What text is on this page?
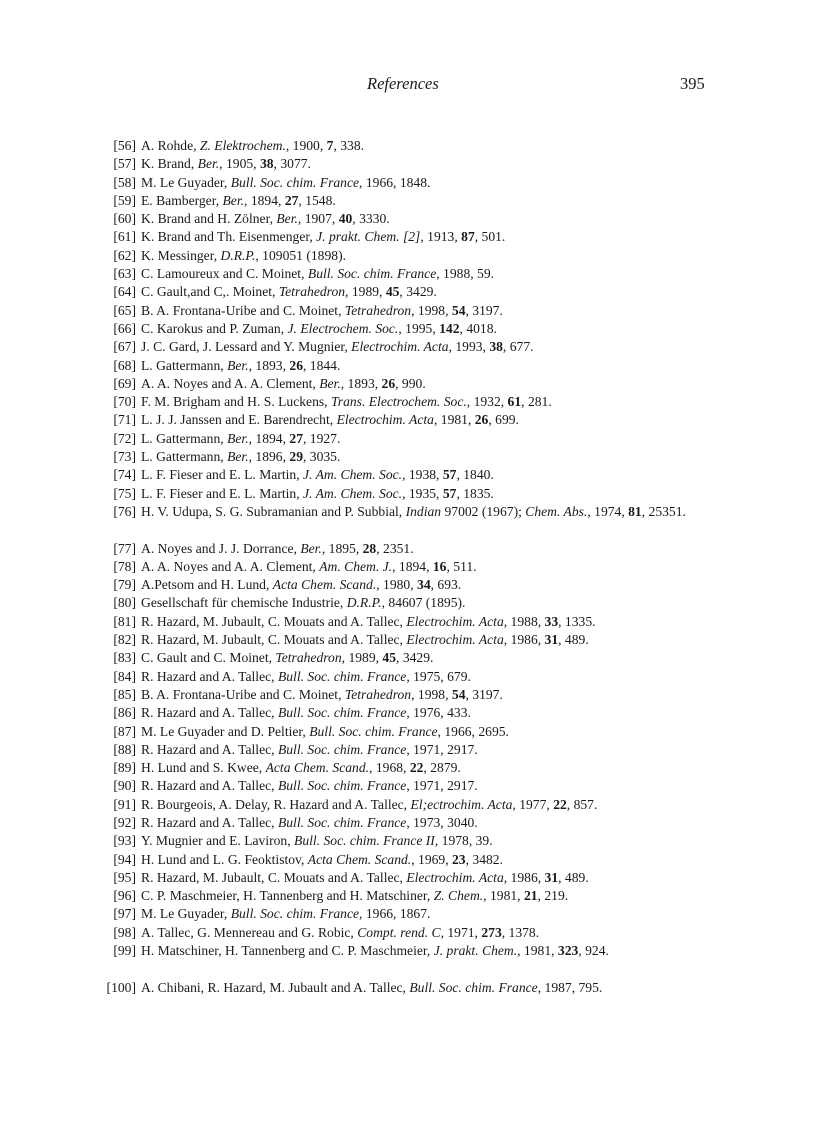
References	395
[56] A. Rohde, Z. Elektrochem., 1900, 7, 338.
[57] K. Brand, Ber., 1905, 38, 3077.
[58] M. Le Guyader, Bull. Soc. chim. France, 1966, 1848.
[59] E. Bamberger, Ber., 1894, 27, 1548.
[60] K. Brand and H. Zölner, Ber., 1907, 40, 3330.
[61] K. Brand and Th. Eisenmenger, J. prakt. Chem. [2], 1913, 87, 501.
[62] K. Messinger, D.R.P., 109051 (1898).
[63] C. Lamoureux and C. Moinet, Bull. Soc. chim. France, 1988, 59.
[64] C. Gault,and C,. Moinet, Tetrahedron, 1989, 45, 3429.
[65] B. A. Frontana-Uribe and C. Moinet, Tetrahedron, 1998, 54, 3197.
[66] C. Karokus and P. Zuman, J. Electrochem. Soc., 1995, 142, 4018.
[67] J. C. Gard, J. Lessard and Y. Mugnier, Electrochim. Acta, 1993, 38, 677.
[68] L. Gattermann, Ber., 1893, 26, 1844.
[69] A. A. Noyes and A. A. Clement, Ber., 1893, 26, 990.
[70] F. M. Brigham and H. S. Luckens, Trans. Electrochem. Soc., 1932, 61, 281.
[71] L. J. J. Janssen and E. Barendrecht, Electrochim. Acta, 1981, 26, 699.
[72] L. Gattermann, Ber., 1894, 27, 1927.
[73] L. Gattermann, Ber., 1896, 29, 3035.
[74] L. F. Fieser and E. L. Martin, J. Am. Chem. Soc., 1938, 57, 1840.
[75] L. F. Fieser and E. L. Martin, J. Am. Chem. Soc., 1935, 57, 1835.
[76] H. V. Udupa, S. G. Subramanian and P. Subbial, Indian 97002 (1967); Chem. Abs., 1974, 81, 25351.
[77] A. Noyes and J. J. Dorrance, Ber., 1895, 28, 2351.
[78] A. A. Noyes and A. A. Clement, Am. Chem. J., 1894, 16, 511.
[79] A.Petsom and H. Lund, Acta Chem. Scand., 1980, 34, 693.
[80] Gesellschaft für chemische Industrie, D.R.P., 84607 (1895).
[81] R. Hazard, M. Jubault, C. Mouats and A. Tallec, Electrochim. Acta, 1988, 33, 1335.
[82] R. Hazard, M. Jubault, C. Mouats and A. Tallec, Electrochim. Acta, 1986, 31, 489.
[83] C. Gault and C. Moinet, Tetrahedron, 1989, 45, 3429.
[84] R. Hazard and A. Tallec, Bull. Soc. chim. France, 1975, 679.
[85] B. A. Frontana-Uribe and C. Moinet, Tetrahedron, 1998, 54, 3197.
[86] R. Hazard and A. Tallec, Bull. Soc. chim. France, 1976, 433.
[87] M. Le Guyader and D. Peltier, Bull. Soc. chim. France, 1966, 2695.
[88] R. Hazard and A. Tallec, Bull. Soc. chim. France, 1971, 2917.
[89] H. Lund and S. Kwee, Acta Chem. Scand., 1968, 22, 2879.
[90] R. Hazard and A. Tallec, Bull. Soc. chim. France, 1971, 2917.
[91] R. Bourgeois, A. Delay, R. Hazard and A. Tallec, El;ectrochim. Acta, 1977, 22, 857.
[92] R. Hazard and A. Tallec, Bull. Soc. chim. France, 1973, 3040.
[93] Y. Mugnier and E. Laviron, Bull. Soc. chim. France II, 1978, 39.
[94] H. Lund and L. G. Feoktistov, Acta Chem. Scand., 1969, 23, 3482.
[95] R. Hazard, M. Jubault, C. Mouats and A. Tallec, Electrochim. Acta, 1986, 31, 489.
[96] C. P. Maschmeier, H. Tannenberg and H. Matschiner, Z. Chem., 1981, 21, 219.
[97] M. Le Guyader, Bull. Soc. chim. France, 1966, 1867.
[98] A. Tallec, G. Mennereau and G. Robic, Compt. rend. C, 1971, 273, 1378.
[99] H. Matschiner, H. Tannenberg and C. P. Maschmeier, J. prakt. Chem., 1981, 323, 924.
[100] A. Chibani, R. Hazard, M. Jubault and A. Tallec, Bull. Soc. chim. France, 1987, 795.
